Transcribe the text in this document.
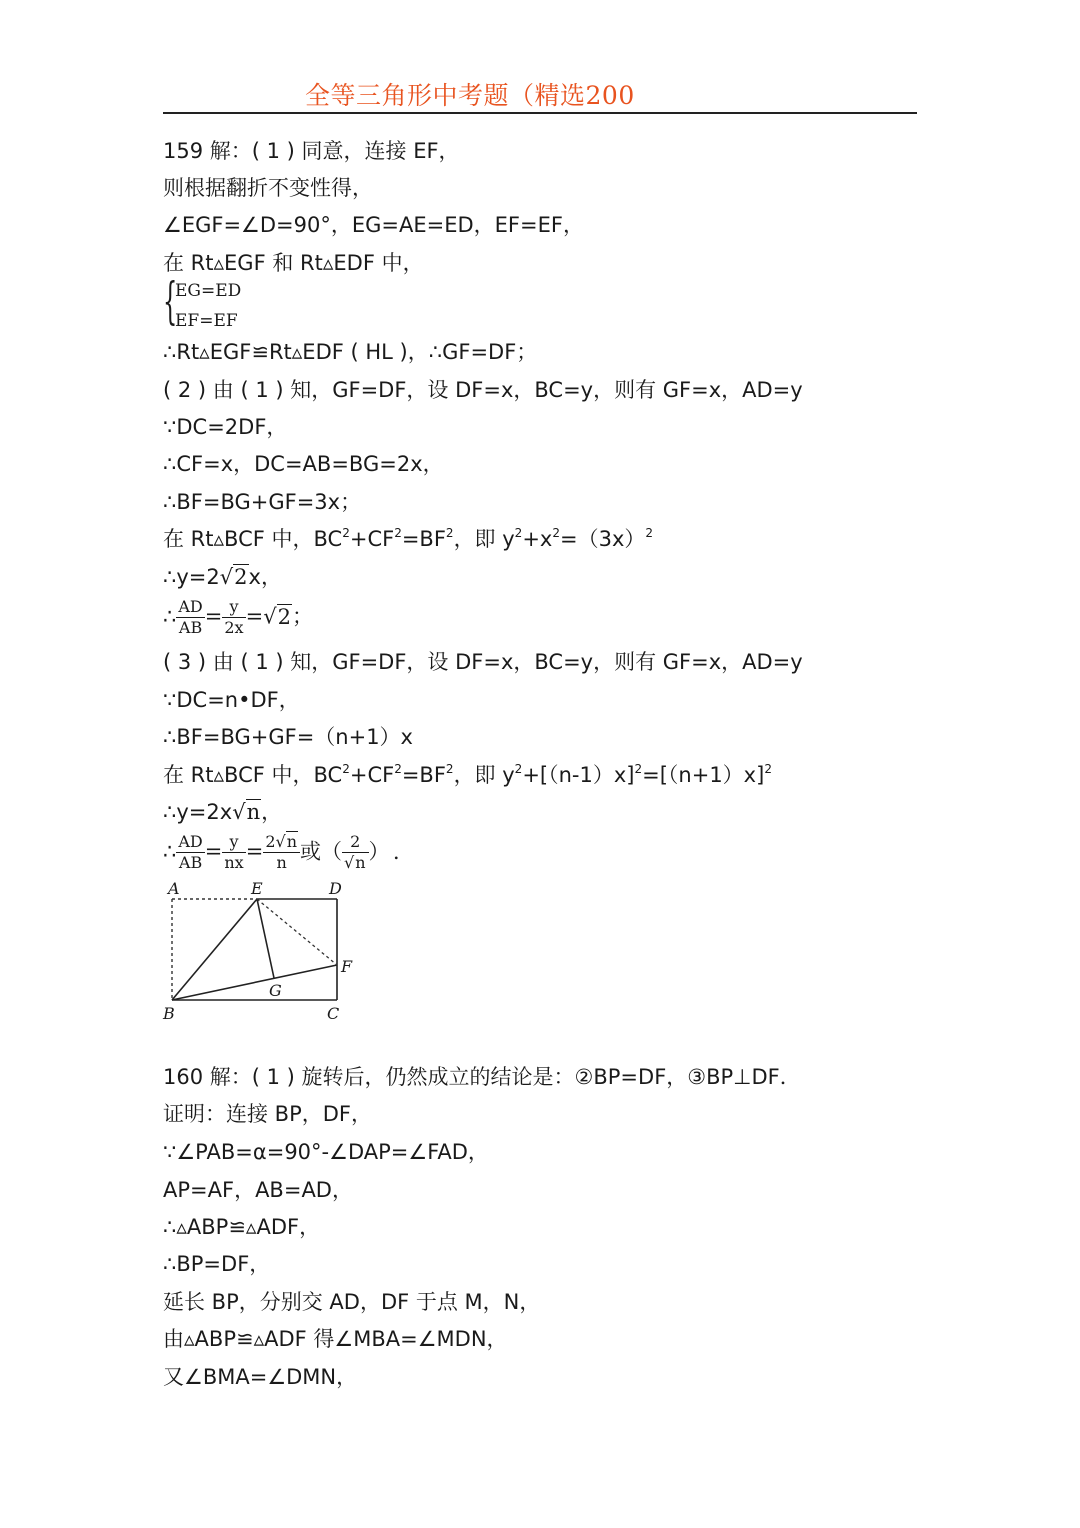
全等三角形中考题（精选200
159 解：( 1 ) 同意，连接 EF，
则根据翻折不变性得，
∠EGF=∠D=90°，EG=AE=ED，EF=EF，
在 Rt▵EGF 和 Rt▵EDF 中，
{
EG=ED
EF=EF
∴Rt▵EGF≌Rt▵EDF ( HL )，∴GF=DF；
( 2 ) 由 ( 1 ) 知，GF=DF，设 DF=x，BC=y，则有 GF=x，AD=y
∵DC=2DF，
∴CF=x，DC=AB=BG=2x，
∴BF=BG+GF=3x；
在 Rt▵BCF 中，$BC^2+CF^2=BF^2$，即 $y^2+x^2=(3x)^2$
∴y=2√2x，
∴ $\frac{AD}{AB} = \frac{y}{2x} =√2$；
( 3 ) 由 ( 1 ) 知，GF=DF，设 DF=x，BC=y，则有 GF=x，AD=y
∵DC=n•DF，
∴BF=BG+GF=（n+1）x
在 Rt▵BCF 中，$BC^2+CF^2=BF^2$，即 $y^2+[(n-1)x]^2=[(n+1)x]^2$
∴y=2x√n，
∴ $\frac{AD}{AB} = \frac{y}{nx} = \frac{2√n}{n}$ 或（ $\frac{2}{√n}$ ） ．
A	E	D
F
G
B	C
160 解：( 1 ) 旋转后，仍然成立的结论是：②BP=DF，③BP⊥DF．
证明：连接 BP，DF，
∵∠PAB=α=90°-∠DAP=∠FAD，
AP=AF，AB=AD，
∴▵ABP≌▵ADF，
∴BP=DF，
延长 BP，分别交 AD，DF 于点 M，N，
由▵ABP≌▵ADF 得∠MBA=∠MDN，
又∠BMA=∠DMN，
